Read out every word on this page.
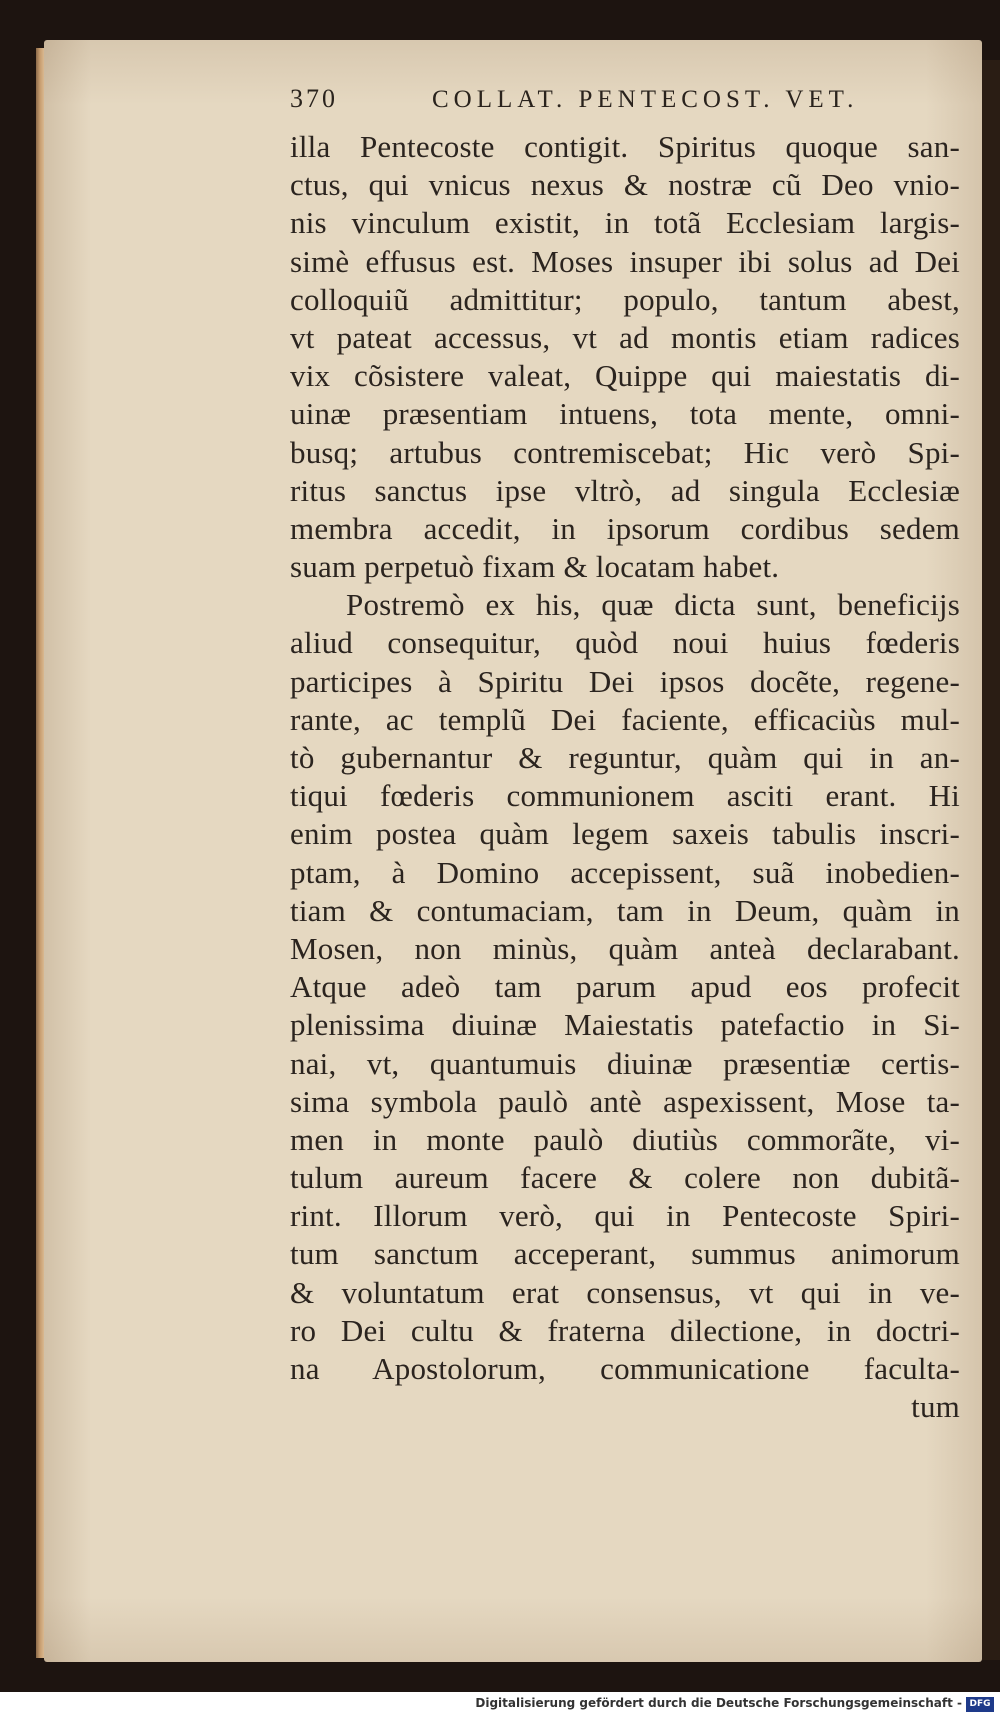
370	COLLAT. PENTECOST. VET.
illa Pentecoste contigit. Spiritus quoque san-
ctus, qui vnicus nexus & nostræ cũ Deo vnio-
nis vinculum existit, in totã Ecclesiam largis-
simè effusus est. Moses insuper ibi solus ad Dei
colloquiũ admittitur; populo, tantum abest,
vt pateat accessus, vt ad montis etiam radices
vix cõsistere valeat, Quippe qui maiestatis di-
uinæ præsentiam intuens, tota mente, omni-
busq; artubus contremiscebat; Hic verò Spi-
ritus sanctus ipse vltrò, ad singula Ecclesiæ
membra accedit, in ipsorum cordibus sedem
suam perpetuò fixam & locatam habet.
Postremò ex his, quæ dicta sunt, beneficijs
aliud consequitur, quòd noui huius fœderis
participes à Spiritu Dei ipsos docẽte, regene-
rante, ac templũ Dei faciente, efficaciùs mul-
tò gubernantur & reguntur, quàm qui in an-
tiqui fœderis communionem asciti erant. Hi
enim postea quàm legem saxeis tabulis inscri-
ptam, à Domino accepissent, suã inobedien-
tiam & contumaciam, tam in Deum, quàm in
Mosen, non minùs, quàm anteà declarabant.
Atque adeò tam parum apud eos profecit
plenissima diuinæ Maiestatis patefactio in Si-
nai, vt, quantumuis diuinæ præsentiæ certis-
sima symbola paulò antè aspexissent, Mose ta-
men in monte paulò diutiùs commorãte, vi-
tulum aureum facere & colere non dubitã-
rint. Illorum verò, qui in Pentecoste Spiri-
tum sanctum acceperant, summus animorum
& voluntatum erat consensus, vt qui in ve-
ro Dei cultu & fraterna dilectione, in doctri-
na Apostolorum, communicatione faculta-
tum
Digitalisierung gefördert durch die Deutsche Forschungsgemeinschaft - DFG
